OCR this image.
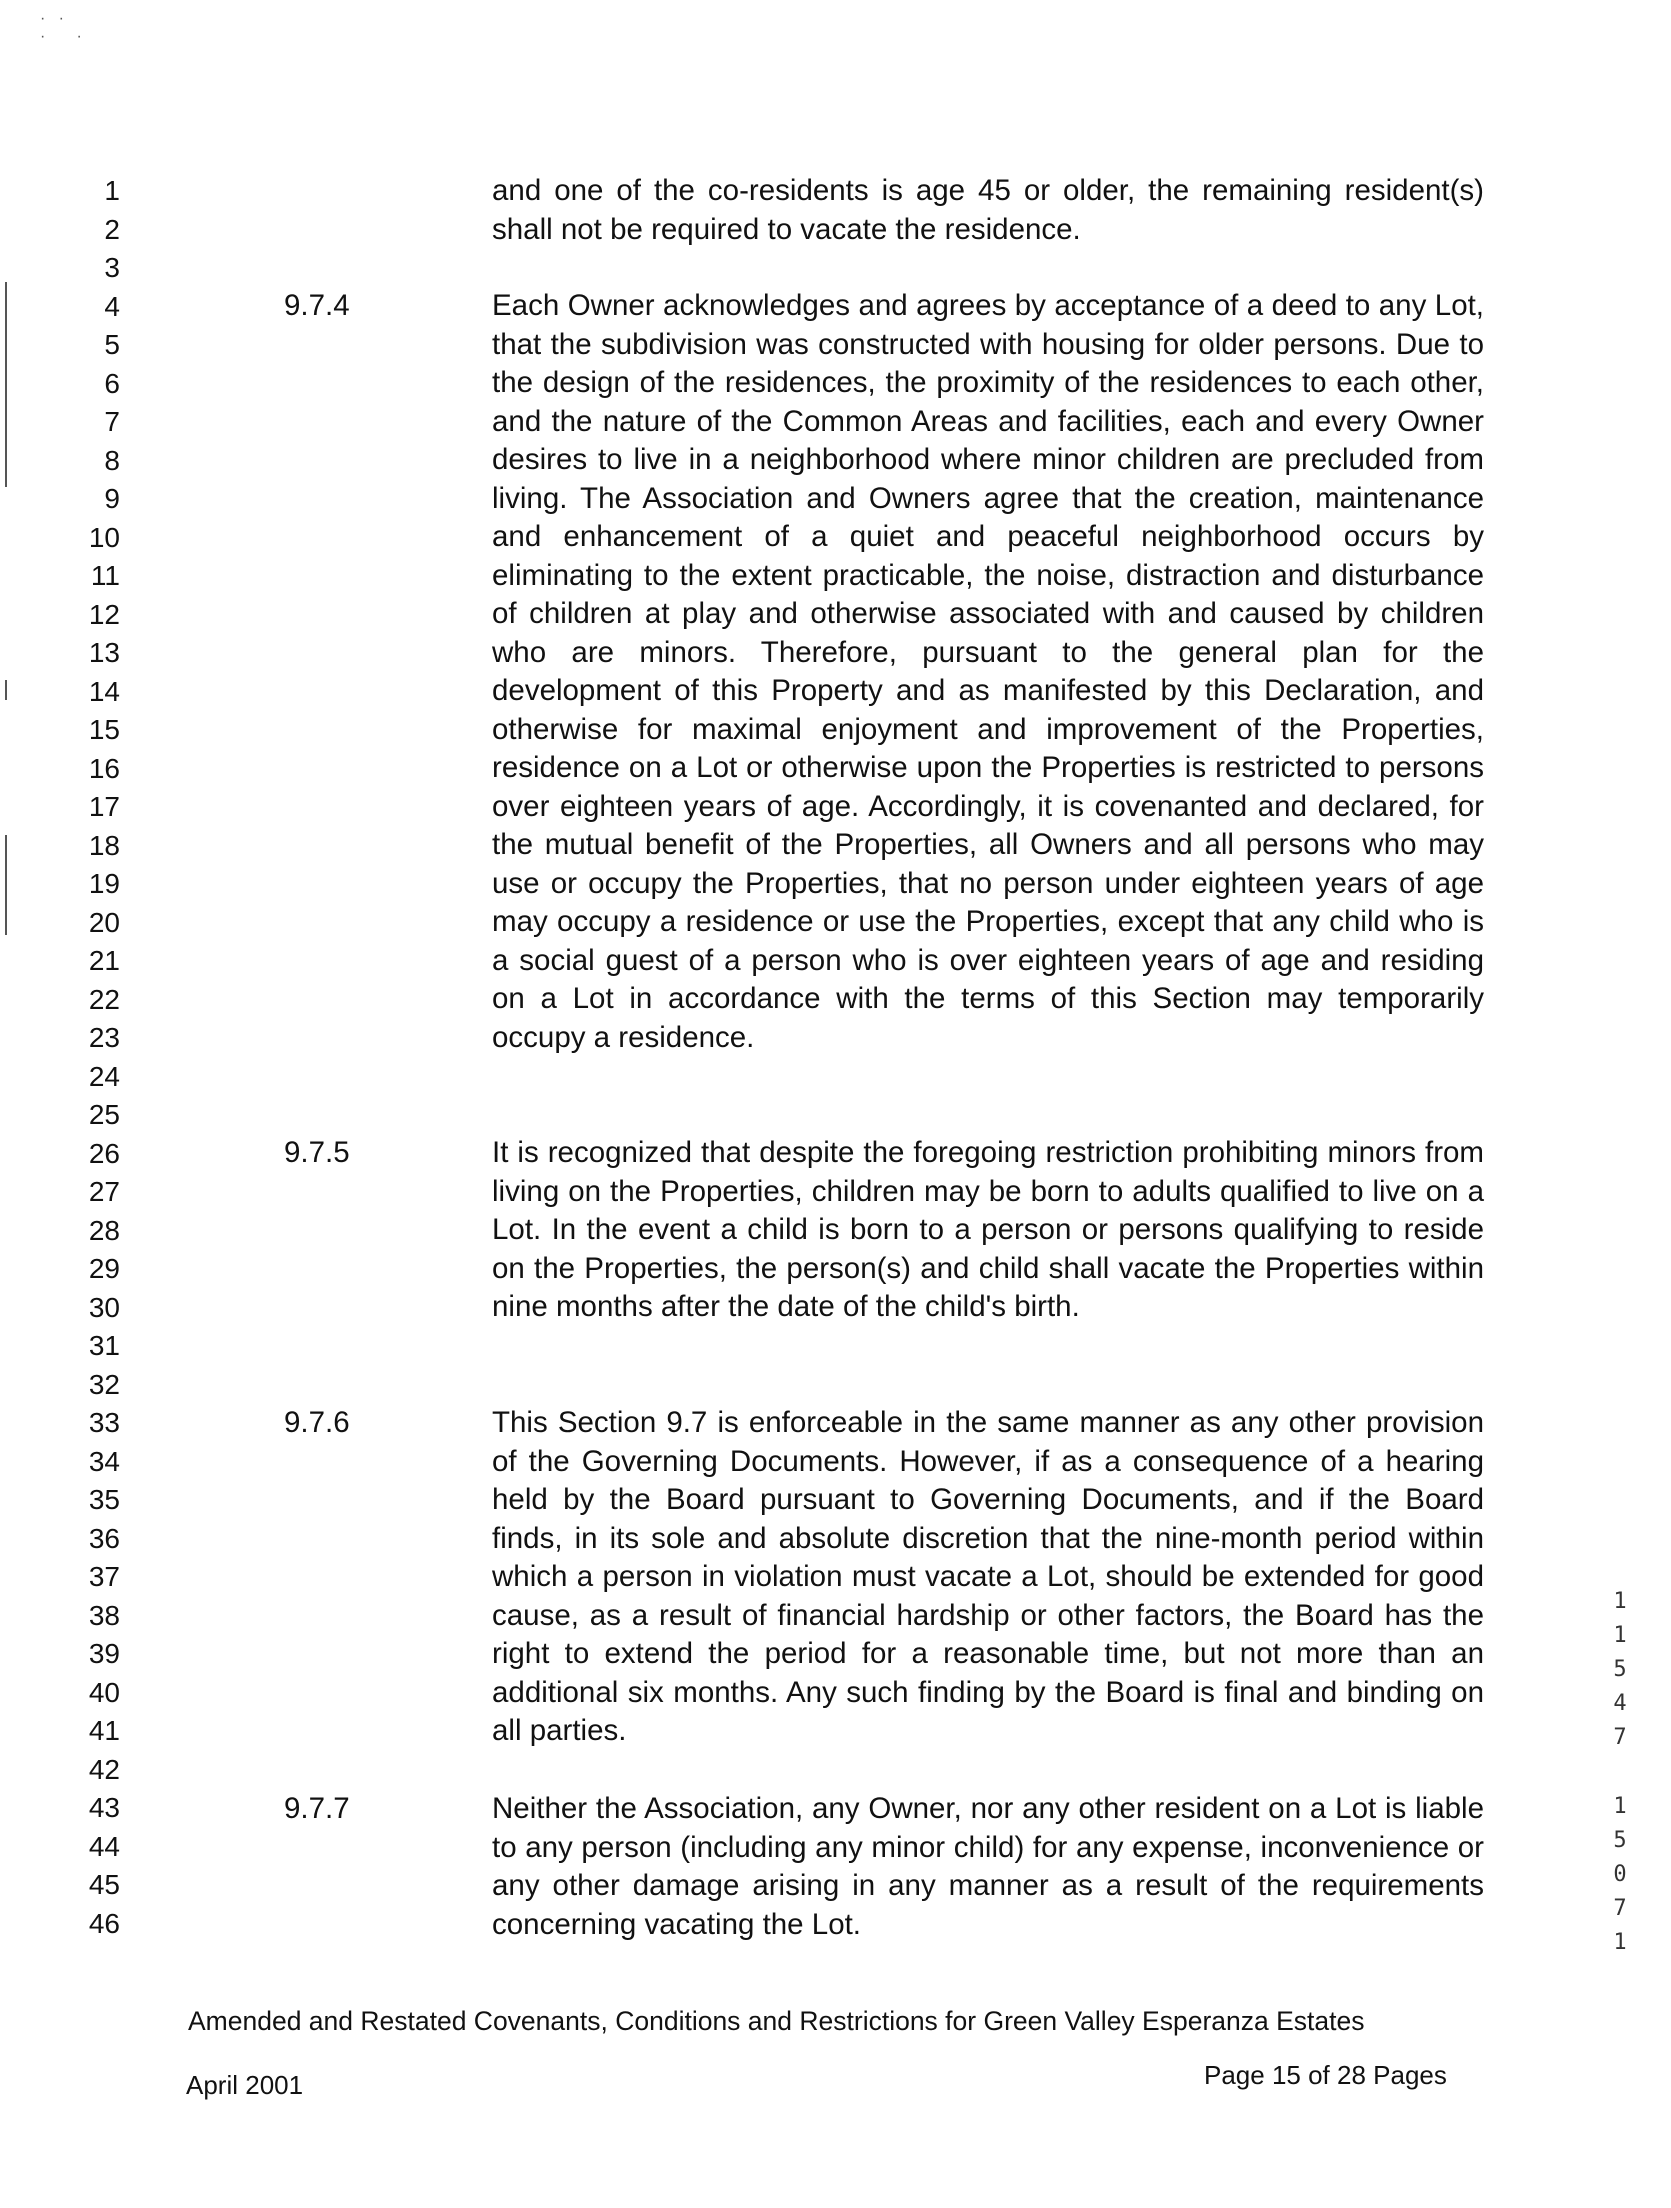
·   ·
·       ·
1
2
3
4
5
6
7
8
9
10
11
12
13
14
15
16
17
18
19
20
21
22
23
24
25
26
27
28
29
30
31
32
33
34
35
36
37
38
39
40
41
42
43
44
45
46
and one of the co-residents is age 45 or older, the remaining resident(s) shall not be required to vacate the residence.
9.7.4	Each Owner acknowledges and agrees by acceptance of a deed to any Lot, that the subdivision was constructed with housing for older persons. Due to the design of the residences, the proximity of the residences to each other, and the nature of the Common Areas and facilities, each and every Owner desires to live in a neighborhood where minor children are precluded from living. The Association and Owners agree that the creation, maintenance and enhancement of a quiet and peaceful neighborhood occurs by eliminating to the extent practicable, the noise, distraction and disturbance of children at play and otherwise associated with and caused by children who are minors. Therefore, pursuant to the general plan for the development of this Property and as manifested by this Declaration, and otherwise for maximal enjoyment and improvement of the Properties, residence on a Lot or otherwise upon the Properties is restricted to persons over eighteen years of age. Accordingly, it is covenanted and declared, for the mutual benefit of the Properties, all Owners and all persons who may use or occupy the Properties, that no person under eighteen years of age may occupy a residence or use the Properties, except that any child who is a social guest of a person who is over eighteen years of age and residing on a Lot in accordance with the terms of this Section may temporarily occupy a residence.
9.7.5	It is recognized that despite the foregoing restriction prohibiting minors from living on the Properties, children may be born to adults qualified to live on a Lot. In the event a child is born to a person or persons qualifying to reside on the Properties, the person(s) and child shall vacate the Properties within nine months after the date of the child's birth.
9.7.6	This Section 9.7 is enforceable in the same manner as any other provision of the Governing Documents. However, if as a consequence of a hearing held by the Board pursuant to Governing Documents, and if the Board finds, in its sole and absolute discretion that the nine-month period within which a person in violation must vacate a Lot, should be extended for good cause, as a result of financial hardship or other factors, the Board has the right to extend the period for a reasonable time, but not more than an additional six months. Any such finding by the Board is final and binding on all parties.
9.7.7	Neither the Association, any Owner, nor any other resident on a Lot is liable to any person (including any minor child) for any expense, inconvenience or any other damage arising in any manner as a result of the requirements concerning vacating the Lot.
Amended and Restated Covenants, Conditions and Restrictions for Green Valley Esperanza Estates
April 2001	Page 15 of 28 Pages
1
1
5
4
7
1
5
0
7
1
